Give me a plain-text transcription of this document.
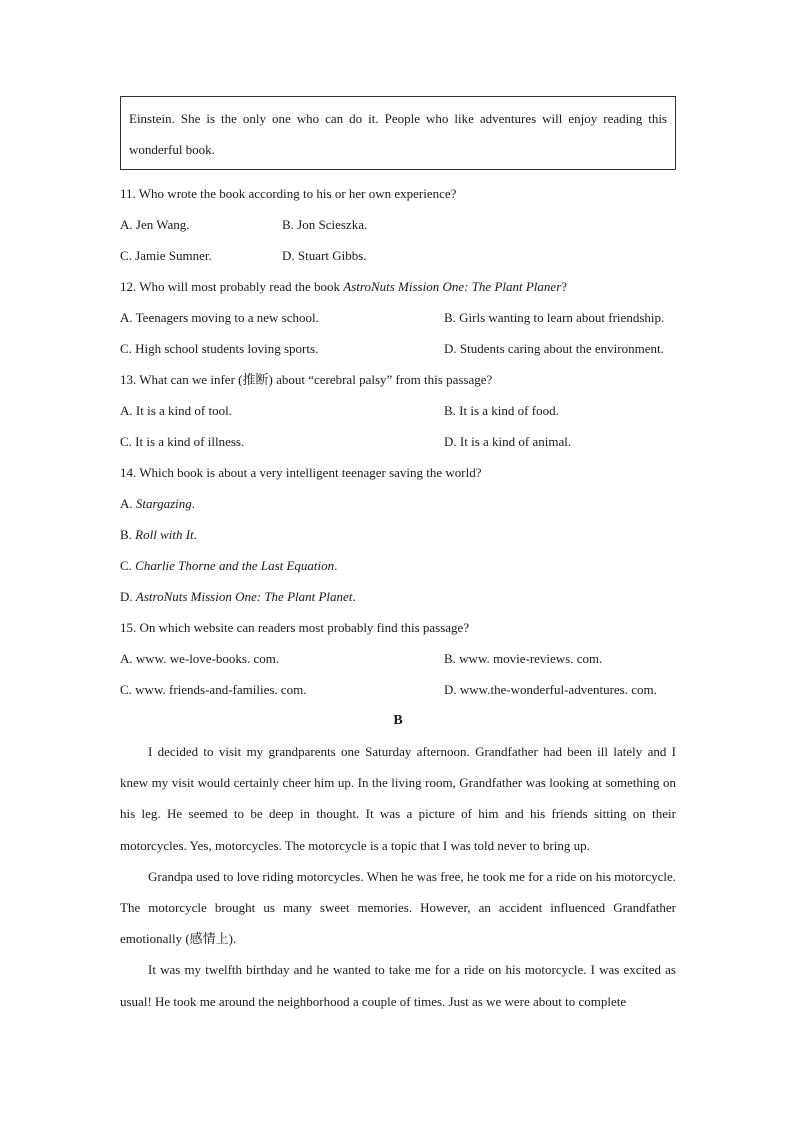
Einstein. She is the only one who can do it. People who like adventures will enjoy reading this wonderful book.
11. Who wrote the book according to his or her own experience?
A. Jen Wang.	B. Jon Scieszka.
C. Jamie Sumner.	D. Stuart Gibbs.
12. Who will most probably read the book AstroNuts Mission One: The Plant Planer?
A. Teenagers moving to a new school.	B. Girls wanting to learn about friendship.
C. High school students loving sports.	D. Students caring about the environment.
13. What can we infer (推断) about “cerebral palsy” from this passage?
A. It is a kind of tool.	B. It is a kind of food.
C. It is a kind of illness.	D. It is a kind of animal.
14. Which book is about a very intelligent teenager saving the world?
A. Stargazing.
B. Roll with It.
C. Charlie Thorne and the Last Equation.
D. AstroNuts Mission One: The Plant Planet.
15. On which website can readers most probably find this passage?
A. www. we-love-books. com.	B. www. movie-reviews. com.
C. www. friends-and-families. com.	D. www.the-wonderful-adventures. com.
B

I decided to visit my grandparents one Saturday afternoon. Grandfather had been ill lately and I knew my visit would certainly cheer him up. In the living room, Grandfather was looking at something on his leg. He seemed to be deep in thought. It was a picture of him and his friends sitting on their motorcycles. Yes, motorcycles. The motorcycle is a topic that I was told never to bring up.

Grandpa used to love riding motorcycles. When he was free, he took me for a ride on his motorcycle. The motorcycle brought us many sweet memories. However, an accident influenced Grandfather emotionally (感情上).

It was my twelfth birthday and he wanted to take me for a ride on his motorcycle. I was excited as usual! He took me around the neighborhood a couple of times. Just as we were about to complete
